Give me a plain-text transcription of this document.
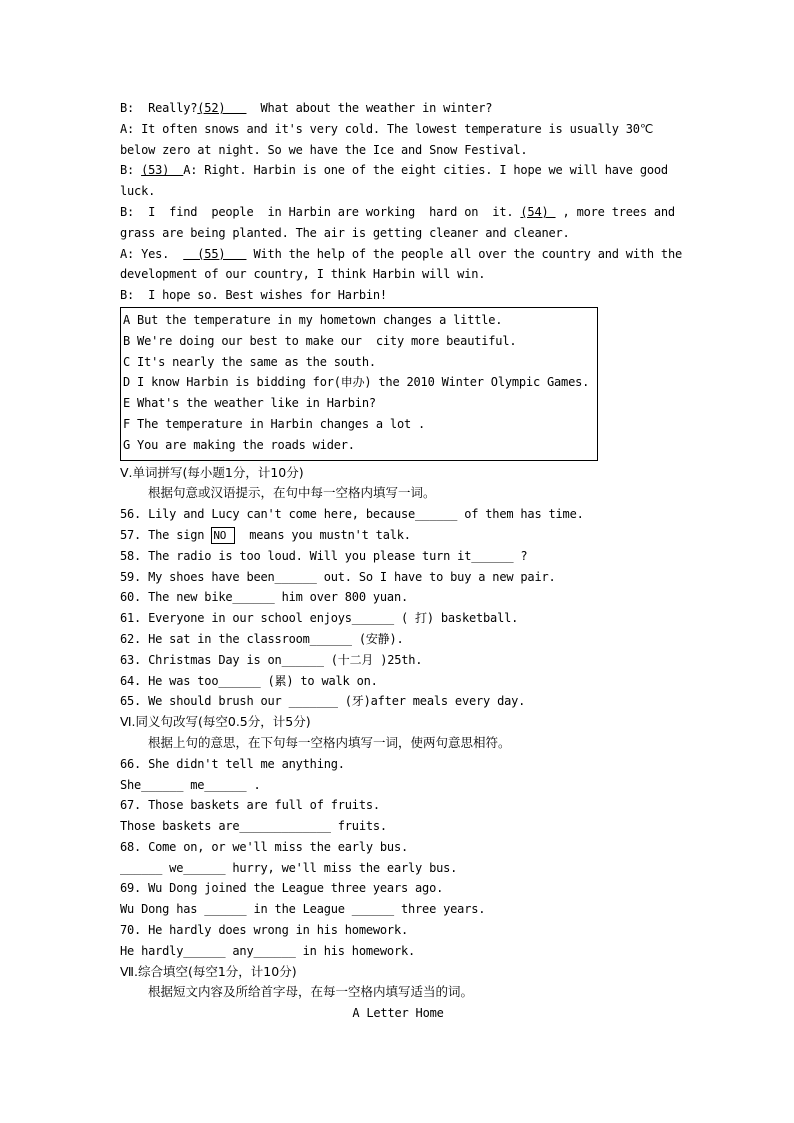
B:  Really?(52)     What about the weather in winter?
A: It often snows and it's very cold. The lowest temperature is usually 30℃
below zero at night. So we have the Ice and Snow Festival.
B: (53)  A: Right. Harbin is one of the eight cities. I hope we will have good
luck.
B:  I  find  people  in Harbin are working  hard on  it. (54)  , more trees and
grass are being planted. The air is getting cleaner and cleaner.
A: Yes.    (55)    With the help of the people all over the country and with the
development of our country, I think Harbin will win.
B:  I hope so. Best wishes for Harbin!
A But the temperature in my hometown changes a little.
B We're doing our best to make our  city more beautiful.
C It's nearly the same as the south.
D I know Harbin is bidding for(申办) the 2010 Winter Olympic Games.
E What's the weather like in Harbin?
F The temperature in Harbin changes a lot .
G You are making the roads wider.
Ⅴ.单词拼写(每小题1分，计10分)
根据句意或汉语提示，在句中每一空格内填写一词。
56. Lily and Lucy can't come here, because______ of them has time.
57. The sign NO  means you mustn't talk.
58. The radio is too loud. Will you please turn it______ ?
59. My shoes have been______ out. So I have to buy a new pair.
60. The new bike______ him over 800 yuan.
61. Everyone in our school enjoys______ ( 打) basketball.
62. He sat in the classroom______ (安静).
63. Christmas Day is on______ (十二月 )25th.
64. He was too______ (累) to walk on.
65. We should brush our _______ (牙)after meals every day.
Ⅵ.同义句改写(每空0.5分，计5分)
根据上句的意思，在下句每一空格内填写一词，使两句意思相符。
66. She didn't tell me anything.
She______ me______ .
67. Those baskets are full of fruits.
Those baskets are_____________ fruits.
68. Come on, or we'll miss the early bus.
______ we______ hurry, we'll miss the early bus.
69. Wu Dong joined the League three years ago.
Wu Dong has ______ in the League ______ three years.
70. He hardly does wrong in his homework.
He hardly______ any______ in his homework.
Ⅶ.综合填空(每空1分，计10分)
根据短文内容及所给首字母，在每一空格内填写适当的词。
A Letter Home
